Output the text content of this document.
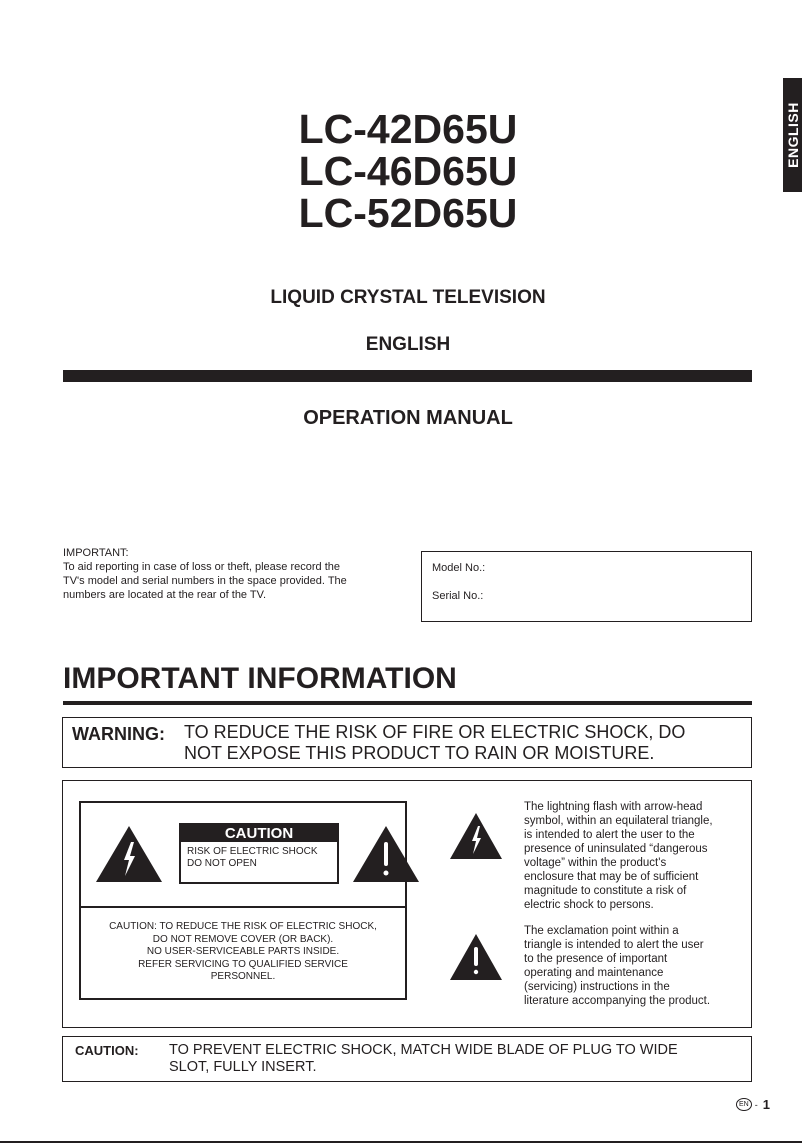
ENGLISH
LC-42D65U
LC-46D65U
LC-52D65U
LIQUID CRYSTAL TELEVISION
ENGLISH
OPERATION MANUAL
IMPORTANT:
To aid reporting in case of loss or theft, please record the
TV's model and serial numbers in the space provided. The
numbers are located at the rear of the TV.
Model No.:
Serial No.:
IMPORTANT INFORMATION
WARNING: TO REDUCE THE RISK OF FIRE OR ELECTRIC SHOCK, DO
NOT EXPOSE THIS PRODUCT TO RAIN OR MOISTURE.
CAUTION
RISK OF ELECTRIC SHOCK
DO NOT OPEN
CAUTION: TO REDUCE THE RISK OF ELECTRIC SHOCK,
DO NOT REMOVE COVER (OR BACK).
NO USER-SERVICEABLE PARTS INSIDE.
REFER SERVICING TO QUALIFIED SERVICE
PERSONNEL.
The lightning flash with arrow-head
symbol, within an equilateral triangle,
is intended to alert the user to the
presence of uninsulated “dangerous
voltage” within the product's
enclosure that may be of sufficient
magnitude to constitute a risk of
electric shock to persons.
The exclamation point within a
triangle is intended to alert the user
to the presence of important
operating and maintenance
(servicing) instructions in the
literature accompanying the product.
CAUTION: TO PREVENT ELECTRIC SHOCK, MATCH WIDE BLADE OF PLUG TO WIDE
SLOT, FULLY INSERT.
EN - 1
